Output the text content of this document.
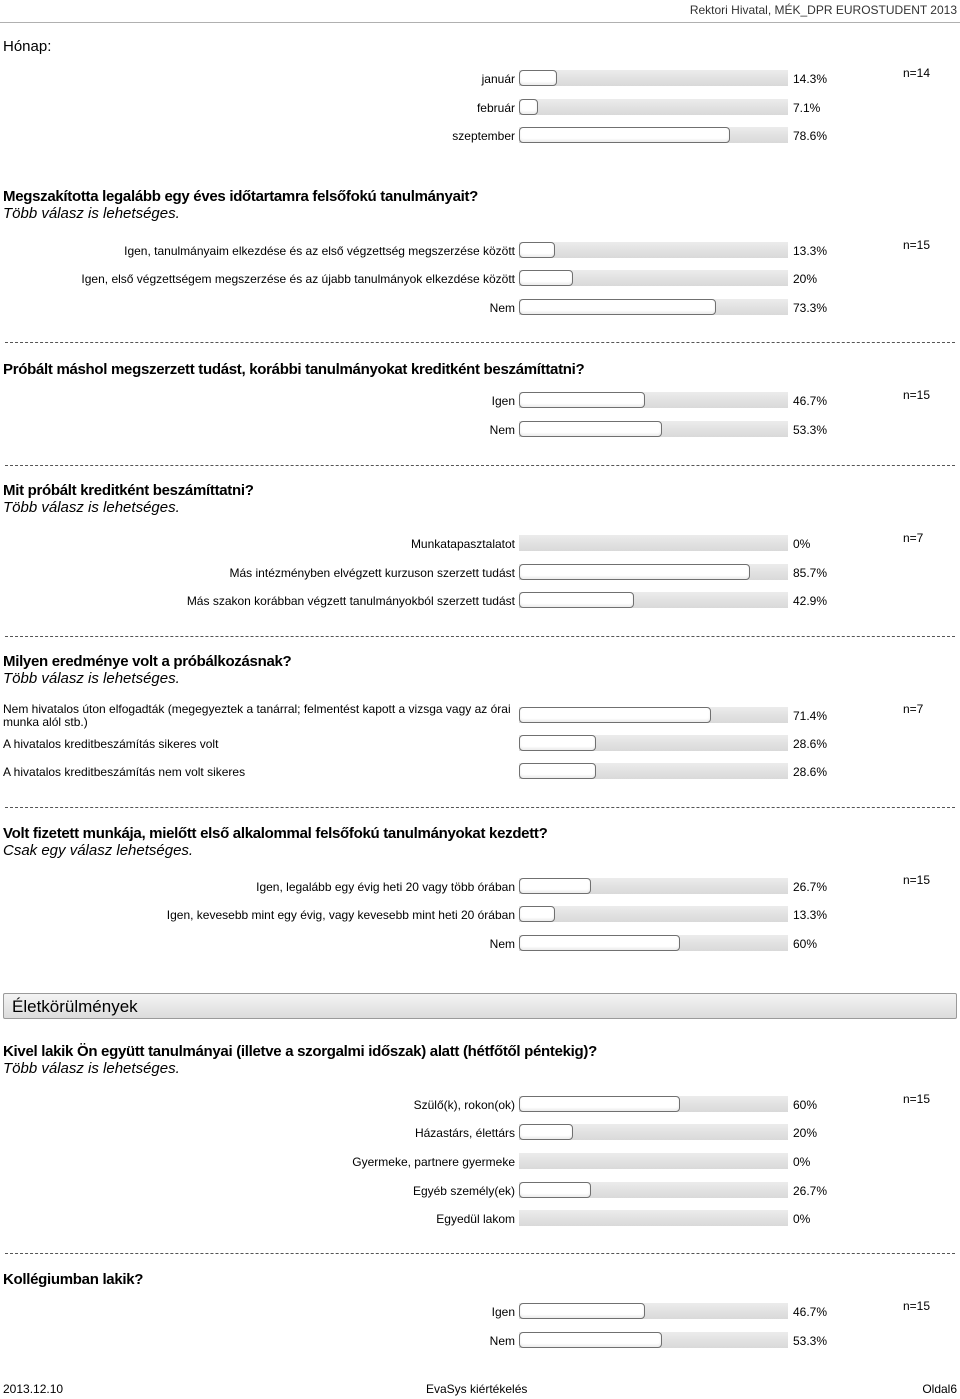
Rektori Hivatal, MÉK_DPR EUROSTUDENT 2013
Hónap:
n=14
január	14.3%
február	7.1%
szeptember	78.6%
Megszakította legalább egy éves időtartamra felsőfokú tanulmányait?
Több válasz is lehetséges.
n=15
Igen, tanulmányaim elkezdése és az első végzettség megszerzése között	13.3%
Igen, első végzettségem megszerzése és az újabb tanulmányok elkezdése között	20%
Nem	73.3%
Próbált máshol megszerzett tudást, korábbi tanulmányokat kreditként beszámíttatni?
n=15
Igen	46.7%
Nem	53.3%
Mit próbált kreditként beszámíttatni?
Több válasz is lehetséges.
n=7
Munkatapasztalatot	0%
Más intézményben elvégzett kurzuson szerzett tudást	85.7%
Más szakon korábban végzett tanulmányokból szerzett tudást	42.9%
Milyen eredménye volt a próbálkozásnak?
Több válasz is lehetséges.
n=7
Nem hivatalos úton elfogadták (megegyeztek a tanárral; felmentést kapott a vizsga vagy az órai munka alól stb.)	71.4%
A hivatalos kreditbeszámítás sikeres volt	28.6%
A hivatalos kreditbeszámítás nem volt sikeres	28.6%
Volt fizetett munkája, mielőtt első alkalommal felsőfokú tanulmányokat kezdett?
Csak egy válasz lehetséges.
n=15
Igen, legalább egy évig heti 20 vagy több órában	26.7%
Igen, kevesebb mint egy évig, vagy kevesebb mint heti 20 órában	13.3%
Nem	60%
Életkörülmények
Kivel lakik Ön együtt tanulmányai (illetve a szorgalmi időszak) alatt (hétfőtől péntekig)?
Több válasz is lehetséges.
n=15
Szülő(k), rokon(ok)	60%
Házastárs, élettárs	20%
Gyermeke, partnere gyermeke	0%
Egyéb személy(ek)	26.7%
Egyedül lakom	0%
Kollégiumban lakik?
n=15
Igen	46.7%
Nem	53.3%
2013.12.10	EvaSys kiértékelés	Oldal6
